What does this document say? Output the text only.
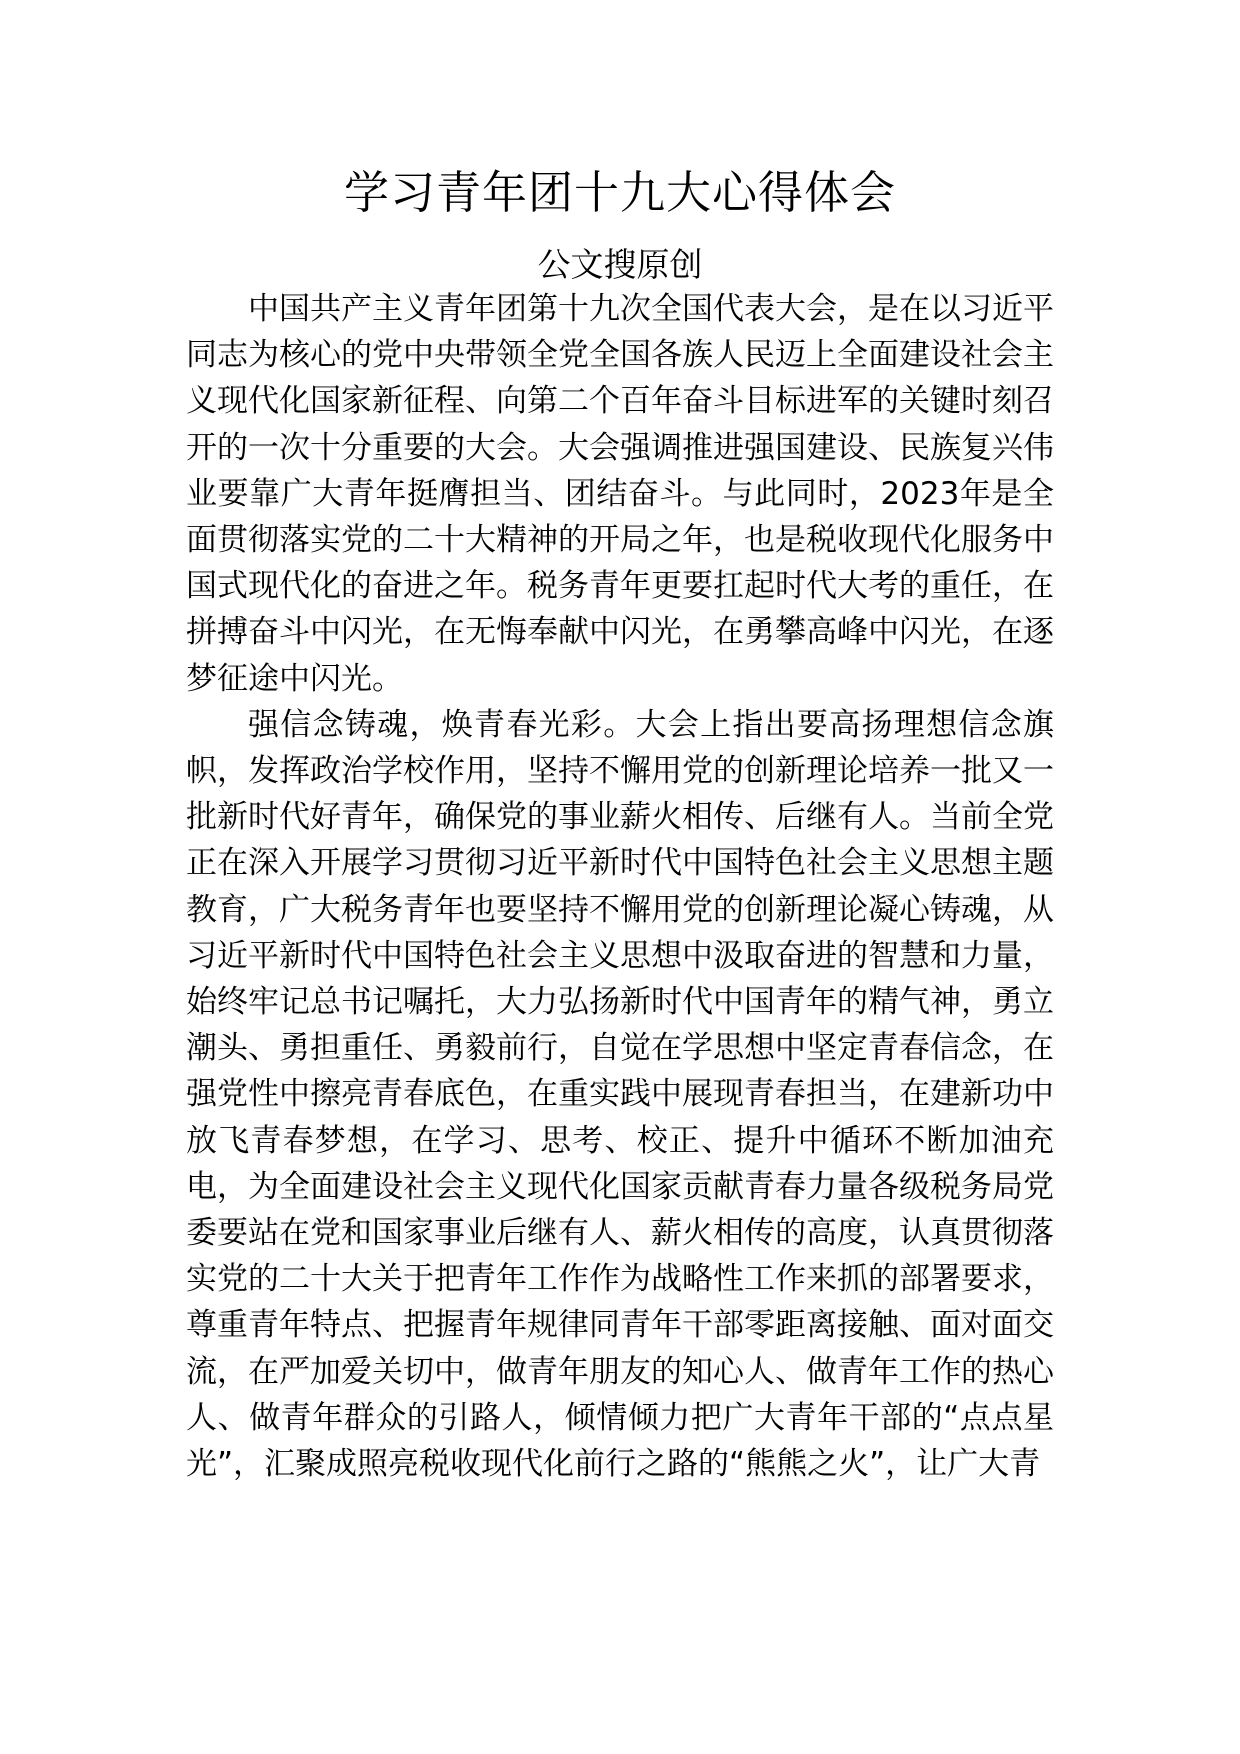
学习青年团十九大心得体会
公文搜原创

中国共产主义青年团第十九次全国代表大会，是在以习近平同志为核心的党中央带领全党全国各族人民迈上全面建设社会主义现代化国家新征程、向第二个百年奋斗目标进军的关键时刻召开的一次十分重要的大会。大会强调推进强国建设、民族复兴伟业要靠广大青年挺膺担当、团结奋斗。与此同时，2023年是全面贯彻落实党的二十大精神的开局之年，也是税收现代化服务中国式现代化的奋进之年。税务青年更要扛起时代大考的重任，在拼搏奋斗中闪光，在无悔奉献中闪光，在勇攀高峰中闪光，在逐梦征途中闪光。

强信念铸魂，焕青春光彩。大会上指出要高扬理想信念旗帜，发挥政治学校作用，坚持不懈用党的创新理论培养一批又一批新时代好青年，确保党的事业薪火相传、后继有人。当前全党正在深入开展学习贯彻习近平新时代中国特色社会主义思想主题教育，广大税务青年也要坚持不懈用党的创新理论凝心铸魂，从习近平新时代中国特色社会主义思想中汲取奋进的智慧和力量，始终牢记总书记嘱托，大力弘扬新时代中国青年的精气神，勇立潮头、勇担重任、勇毅前行，自觉在学思想中坚定青春信念，在强党性中擦亮青春底色，在重实践中展现青春担当，在建新功中放飞青春梦想，在学习、思考、校正、提升中循环不断加油充电，为全面建设社会主义现代化国家贡献青春力量各级税务局党委要站在党和国家事业后继有人、薪火相传的高度，认真贯彻落实党的二十大关于把青年工作作为战略性工作来抓的部署要求，尊重青年特点、把握青年规律同青年干部零距离接触、面对面交流，在严加爱关切中，做青年朋友的知心人、做青年工作的热心人、做青年群众的引路人，倾情倾力把广大青年干部的“点点星光”，汇聚成照亮税收现代化前行之路的“熊熊之火”，让广大青
